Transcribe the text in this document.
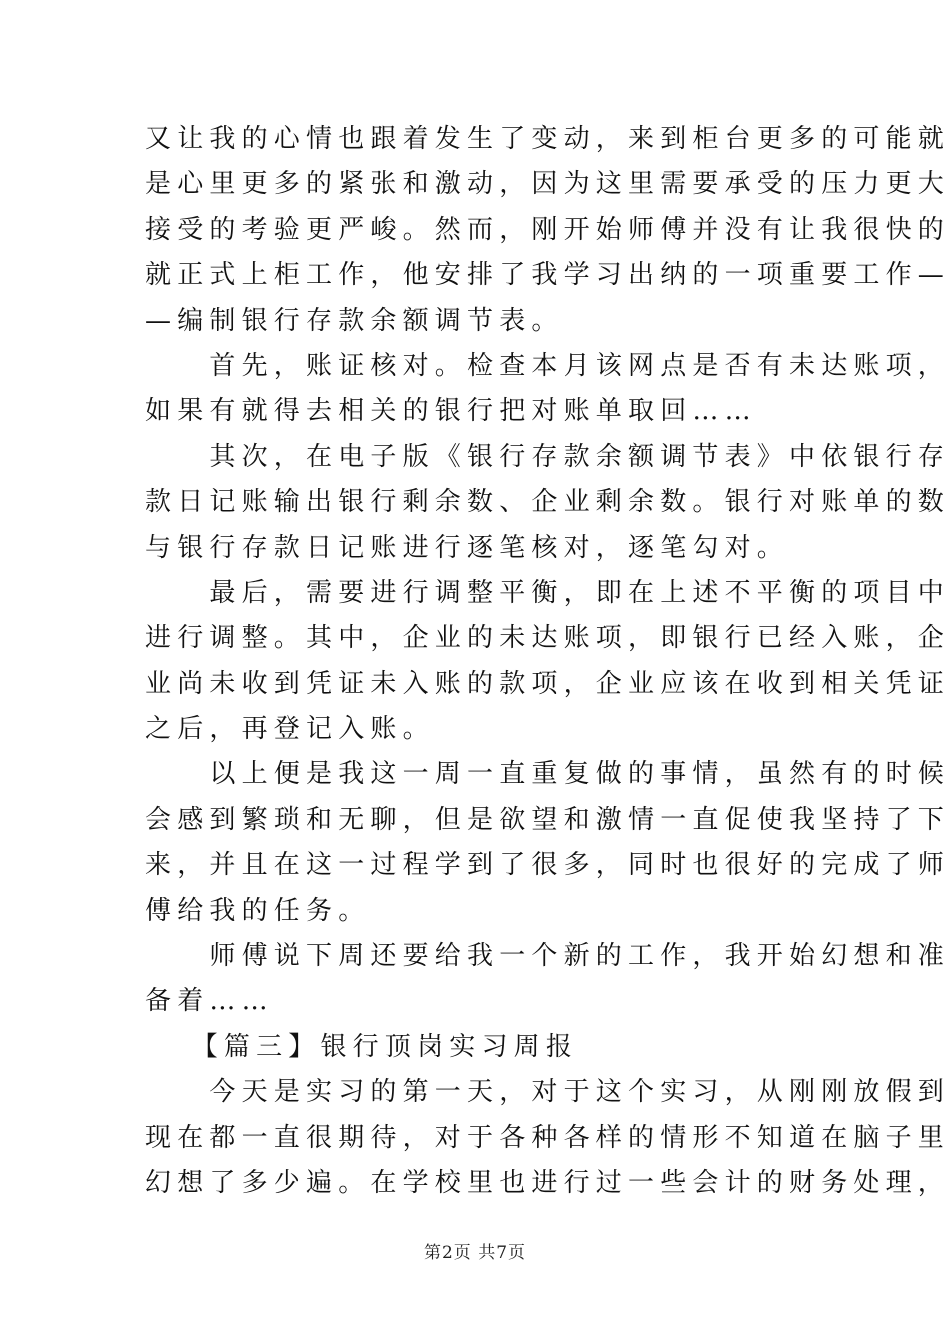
又让我的心情也跟着发生了变动，来到柜台更多的可能就
是心里更多的紧张和激动，因为这里需要承受的压力更大
接受的考验更严峻。然而，刚开始师傅并没有让我很快的
就正式上柜工作，他安排了我学习出纳的一项重要工作—
—编制银行存款余额调节表。
　　首先，账证核对。检查本月该网点是否有未达账项，
如果有就得去相关的银行把对账单取回……
　　其次，在电子版《银行存款余额调节表》中依银行存
款日记账输出银行剩余数、企业剩余数。银行对账单的数
与银行存款日记账进行逐笔核对，逐笔勾对。
　　最后，需要进行调整平衡，即在上述不平衡的项目中
进行调整。其中，企业的未达账项，即银行已经入账，企
业尚未收到凭证未入账的款项，企业应该在收到相关凭证
之后，再登记入账。
　　以上便是我这一周一直重复做的事情，虽然有的时候
会感到繁琐和无聊，但是欲望和激情一直促使我坚持了下
来，并且在这一过程学到了很多，同时也很好的完成了师
傅给我的任务。
　　师傅说下周还要给我一个新的工作，我开始幻想和准
备着……
　 【篇三】银行顶岗实习周报
　　今天是实习的第一天，对于这个实习，从刚刚放假到
现在都一直很期待，对于各种各样的情形不知道在脑子里
幻想了多少遍。在学校里也进行过一些会计的财务处理，
第2页 共7页
